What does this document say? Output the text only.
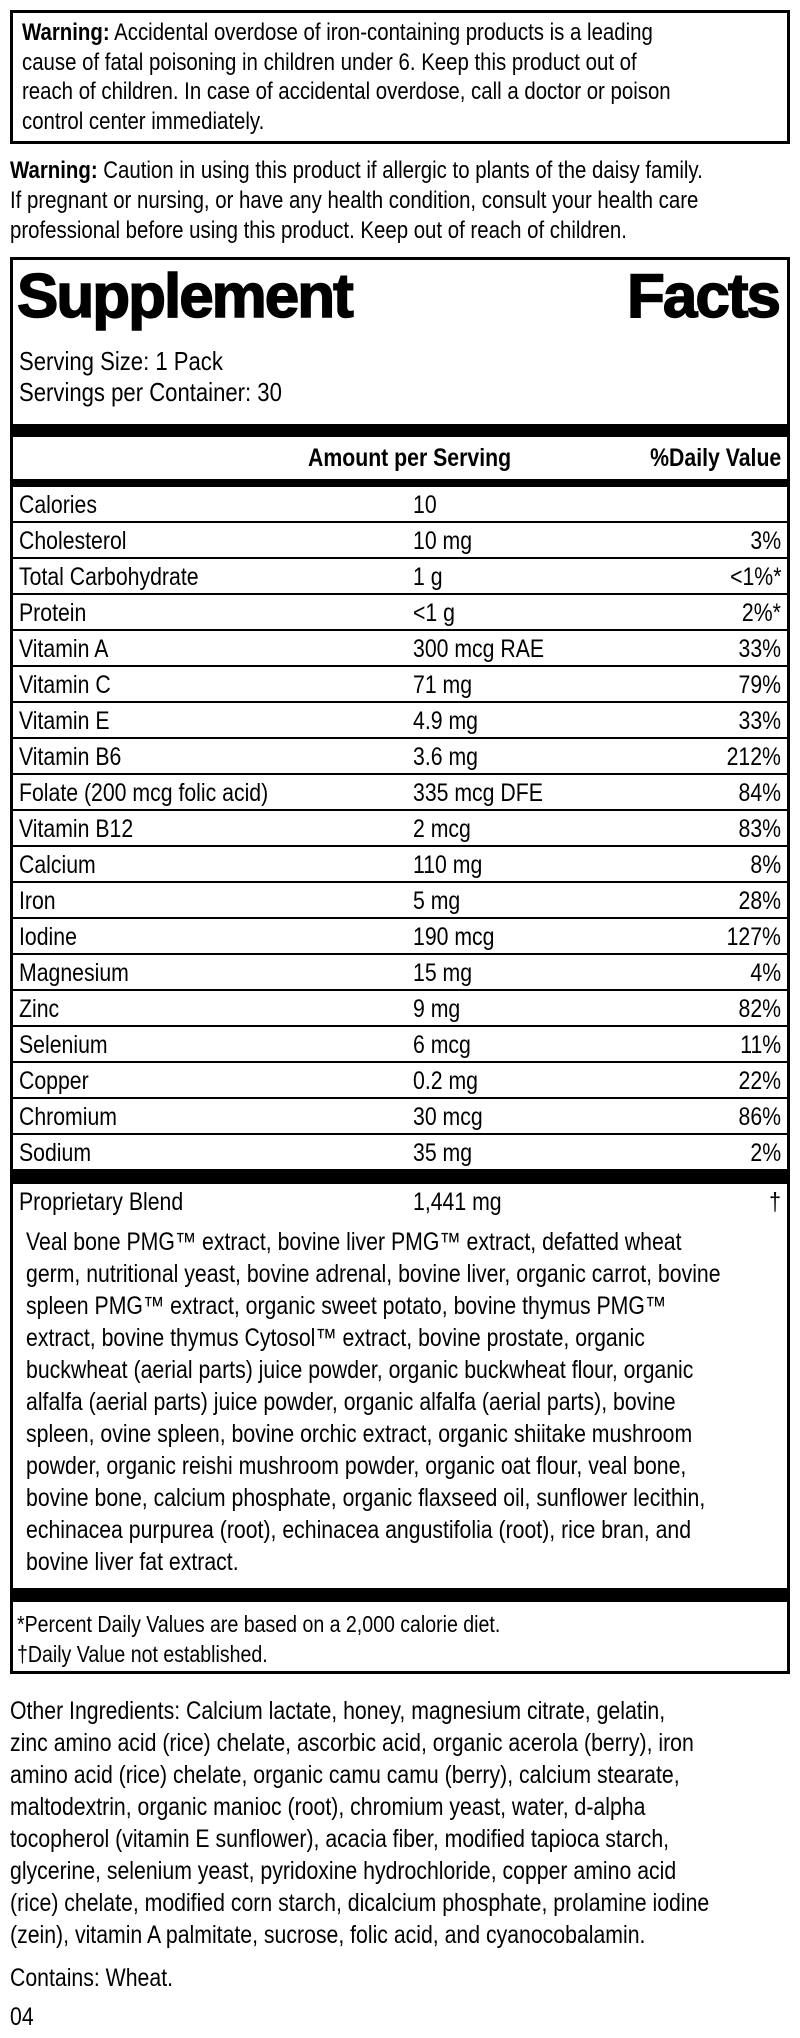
Warning: Accidental overdose of iron-containing products is a leading
cause of fatal poisoning in children under 6. Keep this product out of
reach of children. In case of accidental overdose, call a doctor or poison
control center immediately.
Warning: Caution in using this product if allergic to plants of the daisy family.
If pregnant or nursing, or have any health condition, consult your health care
professional before using this product. Keep out of reach of children.
Supplement	Facts
Serving Size: 1 Pack
Servings per Container: 30
Amount per Serving	%Daily Value
Calories	10
Cholesterol	10 mg	3%
Total Carbohydrate	1 g	<1%*
Protein	<1 g	2%*
Vitamin A	300 mcg RAE	33%
Vitamin C	71 mg	79%
Vitamin E	4.9 mg	33%
Vitamin B6	3.6 mg	212%
Folate (200 mcg folic acid)	335 mcg DFE	84%
Vitamin B12	2 mcg	83%
Calcium	110 mg	8%
Iron	5 mg	28%
Iodine	190 mcg	127%
Magnesium	15 mg	4%
Zinc	9 mg	82%
Selenium	6 mcg	11%
Copper	0.2 mg	22%
Chromium	30 mcg	86%
Sodium	35 mg	2%
Proprietary Blend	1,441 mg	†
Veal bone PMG™ extract, bovine liver PMG™ extract, defatted wheat
germ, nutritional yeast, bovine adrenal, bovine liver, organic carrot, bovine
spleen PMG™ extract, organic sweet potato, bovine thymus PMG™
extract, bovine thymus Cytosol™ extract, bovine prostate, organic
buckwheat (aerial parts) juice powder, organic buckwheat flour, organic
alfalfa (aerial parts) juice powder, organic alfalfa (aerial parts), bovine
spleen, ovine spleen, bovine orchic extract, organic shiitake mushroom
powder, organic reishi mushroom powder, organic oat flour, veal bone,
bovine bone, calcium phosphate, organic flaxseed oil, sunflower lecithin,
echinacea purpurea (root), echinacea angustifolia (root), rice bran, and
bovine liver fat extract.
*Percent Daily Values are based on a 2,000 calorie diet.
†Daily Value not established.
Other Ingredients: Calcium lactate, honey, magnesium citrate, gelatin,
zinc amino acid (rice) chelate, ascorbic acid, organic acerola (berry), iron
amino acid (rice) chelate, organic camu camu (berry), calcium stearate,
maltodextrin, organic manioc (root), chromium yeast, water, d-alpha
tocopherol (vitamin E sunflower), acacia fiber, modified tapioca starch,
glycerine, selenium yeast, pyridoxine hydrochloride, copper amino acid
(rice) chelate, modified corn starch, dicalcium phosphate, prolamine iodine
(zein), vitamin A palmitate, sucrose, folic acid, and cyanocobalamin.
Contains: Wheat.
04
